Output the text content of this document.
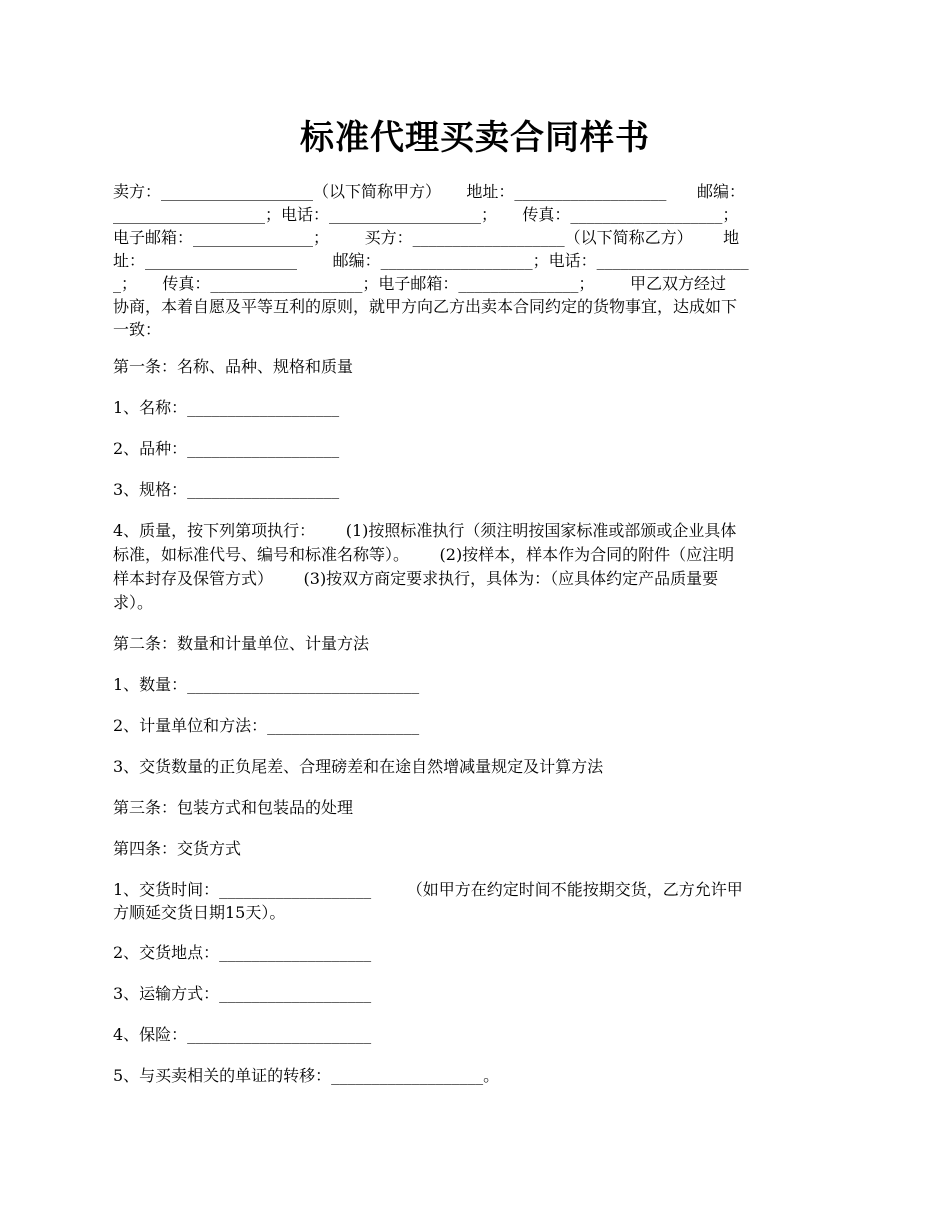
标准代理买卖合同样书
卖方：___________________（以下简称甲方）     地址：___________________      邮编：
___________________；电话：___________________；     传真：___________________；
电子邮箱：_______________；       买方：___________________（以下简称乙方）      地
址：___________________       邮编：___________________；电话：___________________
_；     传真：___________________；电子邮箱：_______________；       甲乙双方经过
协商，本着自愿及平等互利的原则，就甲方向乙方出卖本合同约定的货物事宜，达成如下
一致：
第一条：名称、品种、规格和质量
1、名称：___________________
2、品种：___________________
3、规格：___________________
4、质量，按下列第项执行：      (1)按照标准执行（须注明按国家标准或部颁或企业具体
标准，如标准代号、编号和标准名称等）。      (2)按样本，样本作为合同的附件（应注明
样本封存及保管方式）      (3)按双方商定要求执行，具体为：（应具体约定产品质量要
求）。
第二条：数量和计量单位、计量方法
1、数量：_____________________________
2、计量单位和方法：___________________
3、交货数量的正负尾差、合理磅差和在途自然增减量规定及计算方法
第三条：包装方式和包装品的处理
第四条：交货方式
1、交货时间：___________________       （如甲方在约定时间不能按期交货，乙方允许甲
方顺延交货日期15天）。
2、交货地点：___________________
3、运输方式：___________________
4、保险：_______________________
5、与买卖相关的单证的转移：___________________。
